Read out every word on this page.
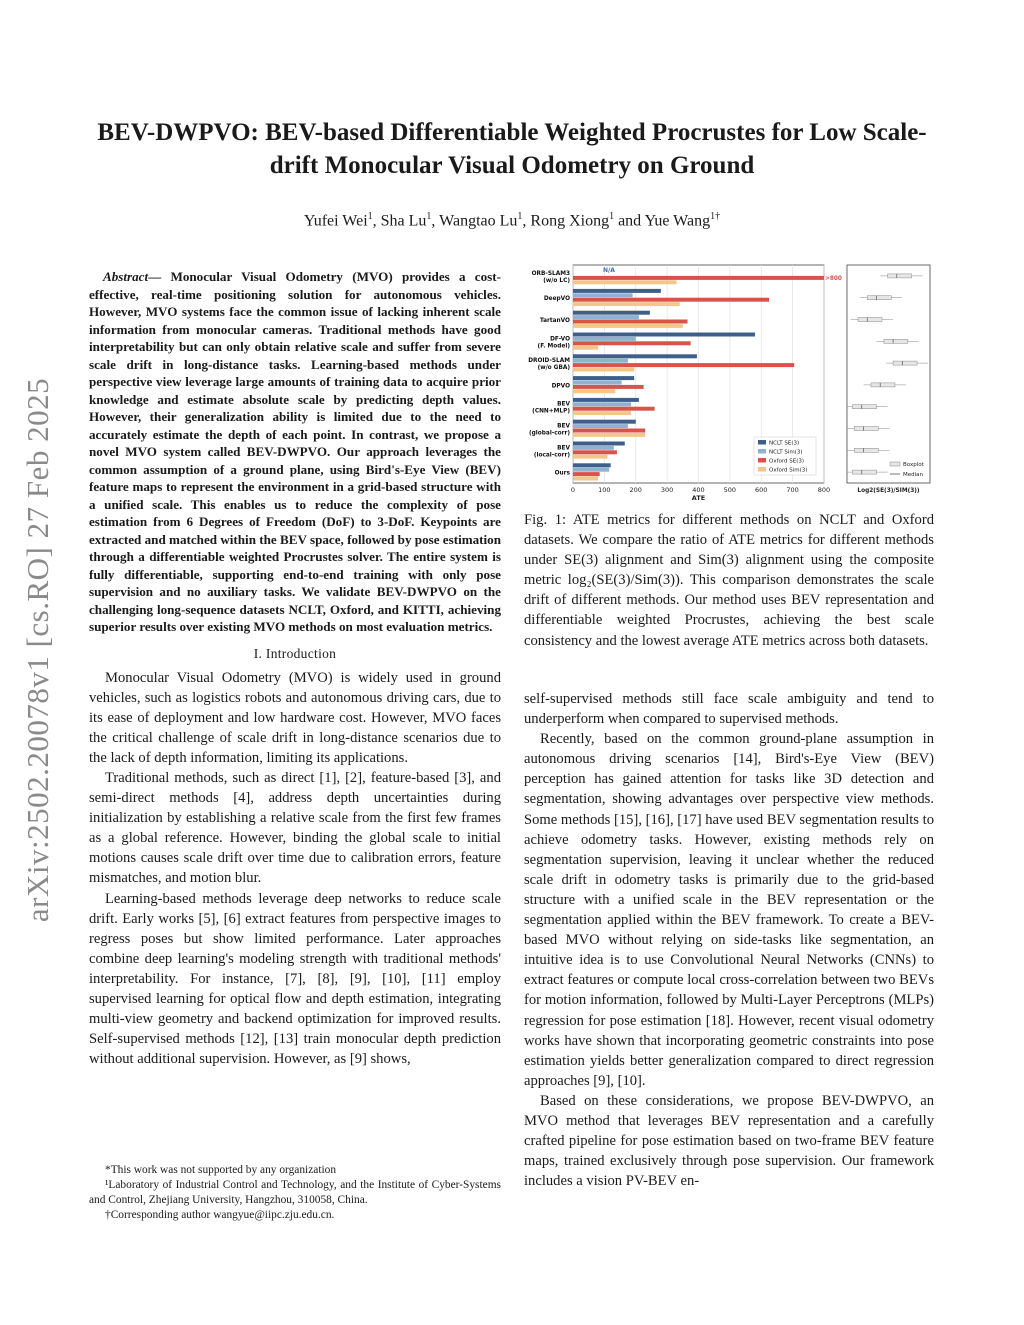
arXiv:2502.20078v1 [cs.RO] 27 Feb 2025
BEV-DWPVO: BEV-based Differentiable Weighted Procrustes for Low Scale-drift Monocular Visual Odometry on Ground
Yufei Wei$^1$, Sha Lu$^1$, Wangtao Lu$^1$, Rong Xiong$^1$ and Yue Wang$^{1\dagger}$

Abstract— Monocular Visual Odometry (MVO) provides a cost-effective, real-time positioning solution for autonomous vehicles. However, MVO systems face the common issue of lacking inherent scale information from monocular cameras. Traditional methods have good interpretability but can only obtain relative scale and suffer from severe scale drift in long-distance tasks. Learning-based methods under perspective view leverage large amounts of training data to acquire prior knowledge and estimate absolute scale by predicting depth values. However, their generalization ability is limited due to the need to accurately estimate the depth of each point. In contrast, we propose a novel MVO system called BEV-DWPVO. Our approach leverages the common assumption of a ground plane, using Bird's-Eye View (BEV) feature maps to represent the environment in a grid-based structure with a unified scale. This enables us to reduce the complexity of pose estimation from 6 Degrees of Freedom (DoF) to 3-DoF. Keypoints are extracted and matched within the BEV space, followed by pose estimation through a differentiable weighted Procrustes solver. The entire system is fully differentiable, supporting end-to-end training with only pose supervision and no auxiliary tasks. We validate BEV-DWPVO on the challenging long-sequence datasets NCLT, Oxford, and KITTI, achieving superior results over existing MVO methods on most evaluation metrics.

I. Introduction

Monocular Visual Odometry (MVO) is widely used in ground vehicles, such as logistics robots and autonomous driving cars, due to its ease of deployment and low hardware cost. However, MVO faces the critical challenge of scale drift in long-distance scenarios due to the lack of depth information, limiting its applications.

Traditional methods, such as direct [1], [2], feature-based [3], and semi-direct methods [4], address depth uncertainties during initialization by establishing a relative scale from the first few frames as a global reference. However, binding the global scale to initial motions causes scale drift over time due to calibration errors, feature mismatches, and motion blur.

Learning-based methods leverage deep networks to reduce scale drift. Early works [5], [6] extract features from perspective images to regress poses but show limited performance. Later approaches combine deep learning's modeling strength with traditional methods' interpretability. For instance, [7], [8], [9], [10], [11] employ supervised learning for optical flow and depth estimation, integrating multi-view geometry and backend optimization for improved results. Self-supervised methods [12], [13] train monocular depth prediction without additional supervision. However, as [9] shows,

*This work was not supported by any organization

¹Laboratory of Industrial Control and Technology, and the Institute of Cyber-Systems and Control, Zhejiang University, Hangzhou, 310058, China.

†Corresponding author wangyue@iipc.zju.edu.cn.

0	100	200	300	400	500	600	700	800
ATE
ORB-SLAM3
(w/o LC)
DeepVO
TartanVO
DF-VO
(F. Model)
DROID-SLAM
(w/o GBA)
DPVO
BEV
(CNN+MLP)
BEV
(global-corr)
BEV
(local-corr)
Ours
N/A
>800
NCLT SE(3)
NCLT Sim(3)
Oxford SE(3)
Oxford Sim(3)
Log2(SE(3)/SIM(3))
Boxplot
Median

Fig. 1: ATE metrics for different methods on NCLT and Oxford datasets. We compare the ratio of ATE metrics for different methods under SE(3) alignment and Sim(3) alignment using the composite metric log₂(SE(3)/Sim(3)). This comparison demonstrates the scale drift of different methods. Our method uses BEV representation and differentiable weighted Procrustes, achieving the best scale consistency and the lowest average ATE metrics across both datasets.

self-supervised methods still face scale ambiguity and tend to underperform when compared to supervised methods.

Recently, based on the common ground-plane assumption in autonomous driving scenarios [14], Bird's-Eye View (BEV) perception has gained attention for tasks like 3D detection and segmentation, showing advantages over perspective view methods. Some methods [15], [16], [17] have used BEV segmentation results to achieve odometry tasks. However, existing methods rely on segmentation supervision, leaving it unclear whether the reduced scale drift in odometry tasks is primarily due to the grid-based structure with a unified scale in the BEV representation or the segmentation applied within the BEV framework. To create a BEV-based MVO without relying on side-tasks like segmentation, an intuitive idea is to use Convolutional Neural Networks (CNNs) to extract features or compute local cross-correlation between two BEVs for motion information, followed by Multi-Layer Perceptrons (MLPs) regression for pose estimation [18]. However, recent visual odometry works have shown that incorporating geometric constraints into pose estimation yields better generalization compared to direct regression approaches [9], [10].

Based on these considerations, we propose BEV-DWPVO, an MVO method that leverages BEV representation and a carefully crafted pipeline for pose estimation based on two-frame BEV feature maps, trained exclusively through pose supervision. Our framework includes a vision PV-BEV en-
